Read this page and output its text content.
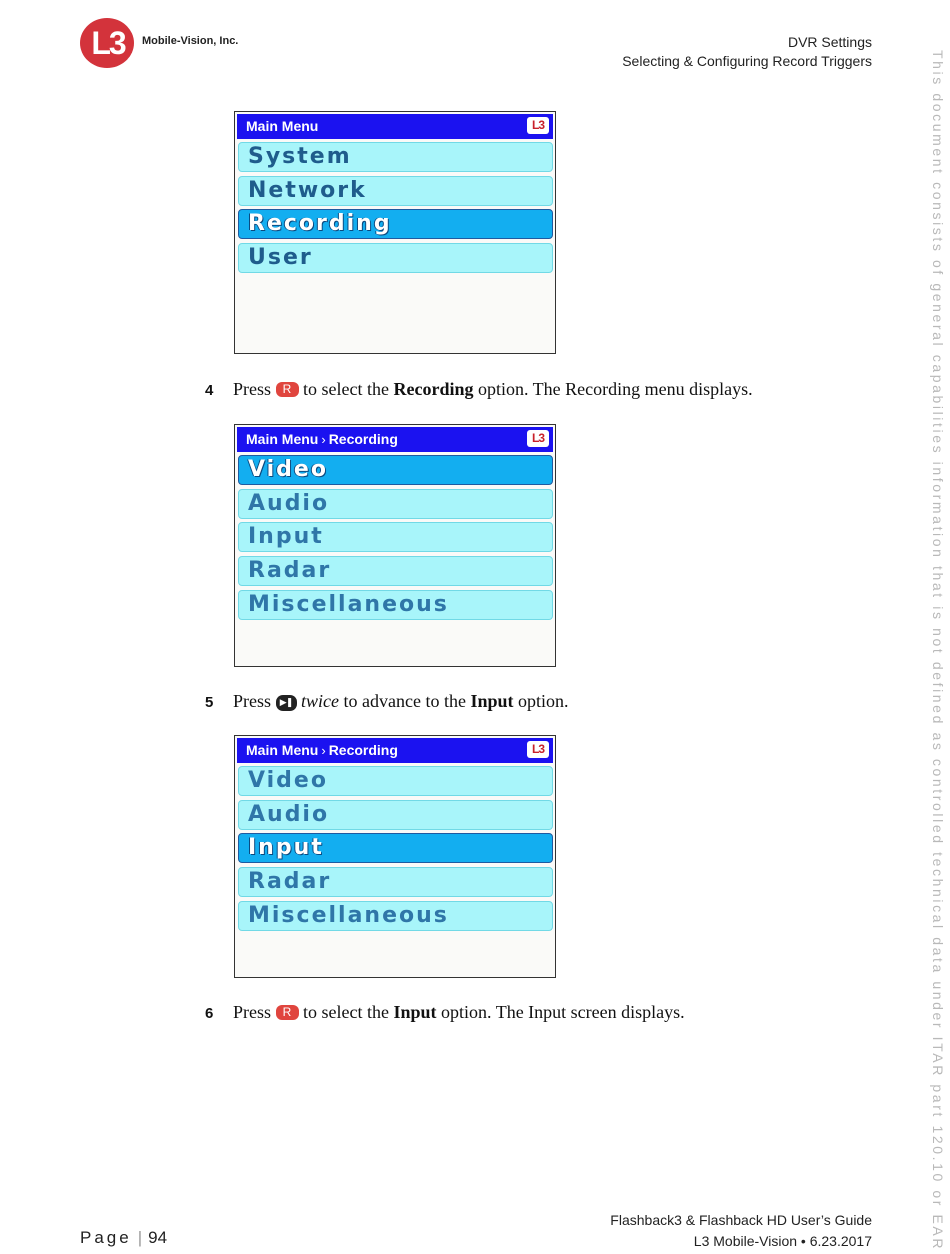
L3	Mobile-Vision, Inc.	DVR Settings
Selecting & Configuring Record Triggers	This document consists of general capabilities information that is not defined as controlled technical data under ITAR part 120.10 or EAR
Main Menu	L3
System
Network
Recording
User
4 Press R to select the Recording option. The Recording menu displays.
Main Menu › Recording	L3
Video
Audio
Input
Radar
Miscellaneous
5 Press ▶❚ twice to advance to the Input option.
Main Menu › Recording	L3
Video
Audio
Input
Radar
Miscellaneous
6 Press R to select the Input option. The Input screen displays.
Page | 94
Flashback3 & Flashback HD User’s Guide
L3 Mobile-Vision • 6.23.2017
